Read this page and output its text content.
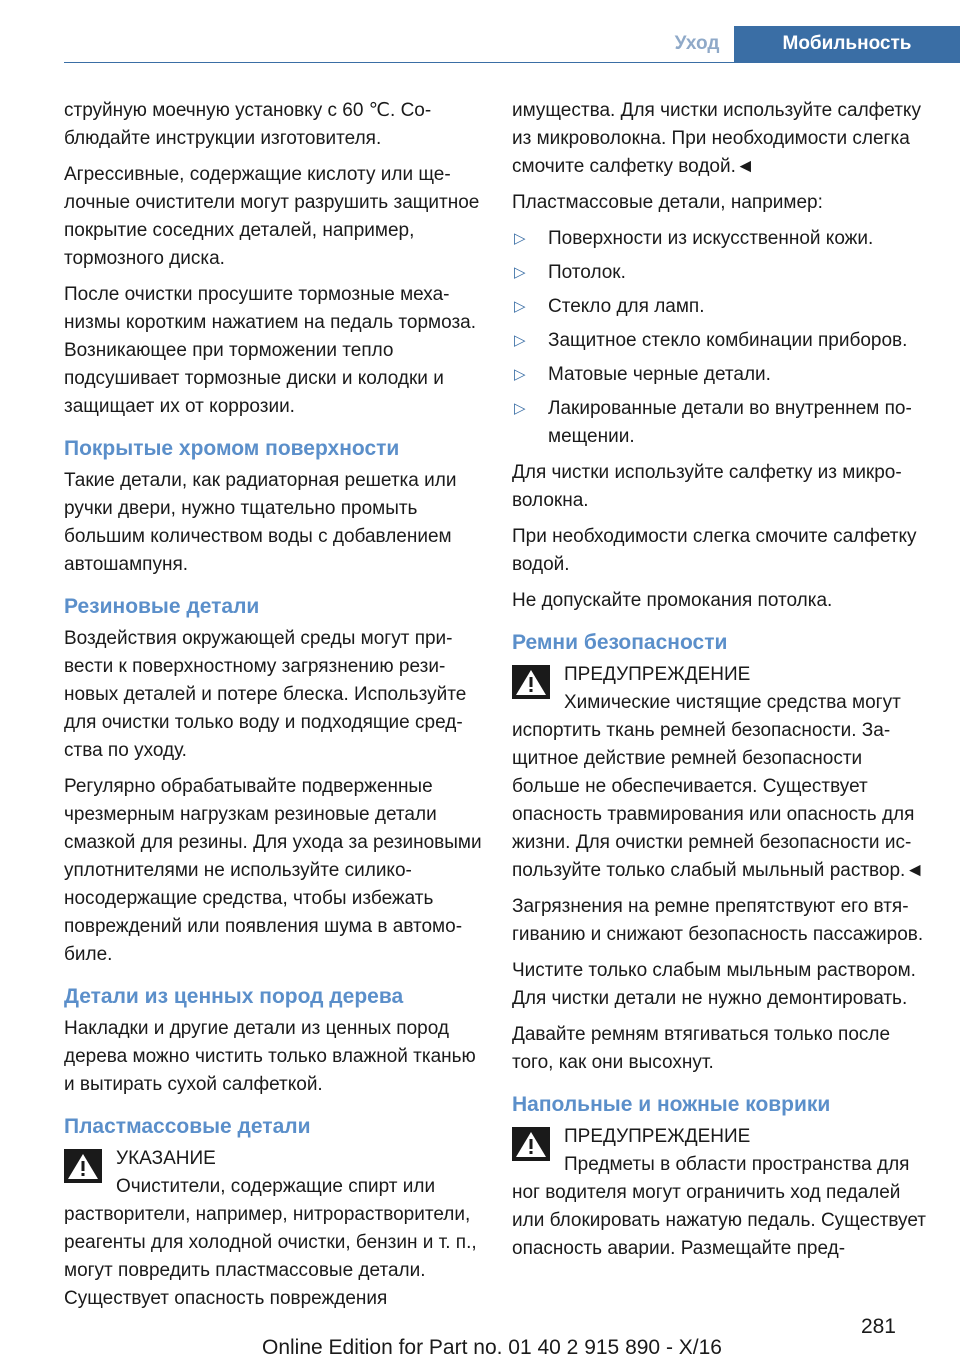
Уход	Мобильность

струйную моечную установку с 60 ℃. Соблюдайте инструкции изготовителя.

Агрессивные, содержащие кислоту или щелочные очистители могут разрушить защитное покрытие соседних деталей, например, тормозного диска.

После очистки просушите тормозные механизмы коротким нажатием на педаль тормоза. Возникающее при торможении тепло подсушивает тормозные диски и колодки и защищает их от коррозии.

Покрытые хромом поверхности

Такие детали, как радиаторная решетка или ручки двери, нужно тщательно промыть большим количеством воды с добавлением автошампуня.

Резиновые детали

Воздействия окружающей среды могут привести к поверхностному загрязнению резиновых деталей и потере блеска. Используйте для очистки только воду и подходящие средства по уходу.

Регулярно обрабатывайте подверженные чрезмерным нагрузкам резиновые детали смазкой для резины. Для ухода за резиновыми уплотнителями не используйте силиконосодержащие средства, чтобы избежать повреждений или появления шума в автомобиле.

Детали из ценных пород дерева

Накладки и другие детали из ценных пород дерева можно чистить только влажной тканью и вытирать сухой салфеткой.

Пластмассовые детали
УКАЗАНИЕ
Очистители, содержащие спирт или

растворители, например, нитрорастворители, реагенты для холодной очистки, бензин и т. п., могут повредить пластмассовые детали. Существует опасность повреждения

имущества. Для чистки используйте салфетку из микроволокна. При необходимости слегка смочите салфетку водой.◄

Пластмассовые детали, например:

▷	Поверхности из искусственной кожи.
▷	Потолок.
▷	Стекло для ламп.
▷	Защитное стекло комбинации приборов.
▷	Матовые черные детали.
▷	Лакированные детали во внутреннем помещении.

Для чистки используйте салфетку из микроволокна.

При необходимости слегка смочите салфетку водой.

Не допускайте промокания потолка.

Ремни безопасности
ПРЕДУПРЕЖДЕНИЕ
Химические чистящие средства могут

испортить ткань ремней безопасности. Защитное действие ремней безопасности больше не обеспечивается. Существует опасность травмирования или опасность для жизни. Для очистки ремней безопасности используйте только слабый мыльный раствор.◄

Загрязнения на ремне препятствуют его втягиванию и снижают безопасность пассажиров.

Чистите только слабым мыльным раствором. Для чистки детали не нужно демонтировать.

Давайте ремням втягиваться только после того, как они высохнут.

Напольные и ножные коврики
ПРЕДУПРЕЖДЕНИЕ
Предметы в области пространства для

ног водителя могут ограничить ход педалей или блокировать нажатую педаль. Существует опасность аварии. Размещайте пред-

281
Online Edition for Part no. 01 40 2 915 890 - X/16
